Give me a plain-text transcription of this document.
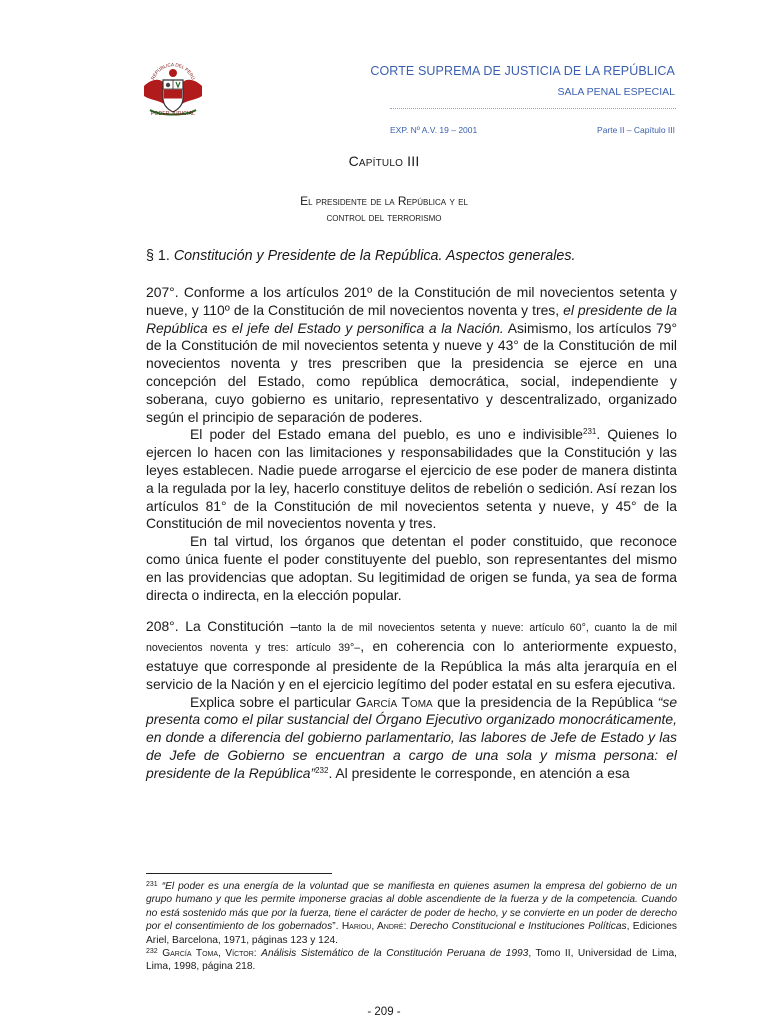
REPÚBLICA DEL PERÚ
PODER JUDICIAL
CORTE SUPREMA DE JUSTICIA DE LA REPÚBLICA
SALA PENAL ESPECIAL
EXP. Nº A.V. 19 – 2001	Parte II – Capítulo III
Capítulo III
El presidente de la República y el
control del terrorismo
§ 1. Constitución y Presidente de la República. Aspectos generales.

207°. Conforme a los artículos 201º de la Constitución de mil novecientos setenta y nueve, y 110º de la Constitución de mil novecientos noventa y tres, el presidente de la República es el jefe del Estado y personifica a la Nación. Asimismo, los artículos 79° de la Constitución de mil novecientos setenta y nueve y 43° de la Constitución de mil novecientos noventa y tres prescriben que la presidencia se ejerce en una concepción del Estado, como república democrática, social, independiente y soberana, cuyo gobierno es unitario, representativo y descentralizado, organizado según el principio de separación de poderes.

El poder del Estado emana del pueblo, es uno e indivisible$^{231}$. Quienes lo ejercen lo hacen con las limitaciones y responsabilidades que la Constitución y las leyes establecen. Nadie puede arrogarse el ejercicio de ese poder de manera distinta a la regulada por la ley, hacerlo constituye delitos de rebelión o sedición. Así rezan los artículos 81° de la Constitución de mil novecientos setenta y nueve, y 45° de la Constitución de mil novecientos noventa y tres.

En tal virtud, los órganos que detentan el poder constituido, que reconoce como única fuente el poder constituyente del pueblo, son representantes del mismo en las providencias que adoptan. Su legitimidad de origen se funda, ya sea de forma directa o indirecta, en la elección popular.

208°. La Constitución –tanto la de mil novecientos setenta y nueve: artículo 60°, cuanto la de mil novecientos noventa y tres: artículo 39°–, en coherencia con lo anteriormente expuesto, estatuye que corresponde al presidente de la República la más alta jerarquía en el servicio de la Nación y en el ejercicio legítimo del poder estatal en su esfera ejecutiva.

Explica sobre el particular García Toma que la presidencia de la República “se presenta como el pilar sustancial del Órgano Ejecutivo organizado monocráticamente, en donde a diferencia del gobierno parlamentario, las labores de Jefe de Estado y las de Jefe de Gobierno se encuentran a cargo de una sola y misma persona: el presidente de la República”$^{232}$. Al presidente le corresponde, en atención a esa

$^{231}$ “El poder es una energía de la voluntad que se manifiesta en quienes asumen la empresa del gobierno de un grupo humano y que les permite imponerse gracias al doble ascendiente de la fuerza y de la competencia. Cuando no está sostenido más que por la fuerza, tiene el carácter de poder de hecho, y se convierte en un poder de derecho por el consentimiento de los gobernados”. Hariou, André: Derecho Constitucional e Instituciones Políticas, Ediciones Ariel, Barcelona, 1971, páginas 123 y 124.

$^{232}$ García Toma, Víctor: Análisis Sistemático de la Constitución Peruana de 1993, Tomo II, Universidad de Lima, Lima, 1998, página 218.

- 209 -
